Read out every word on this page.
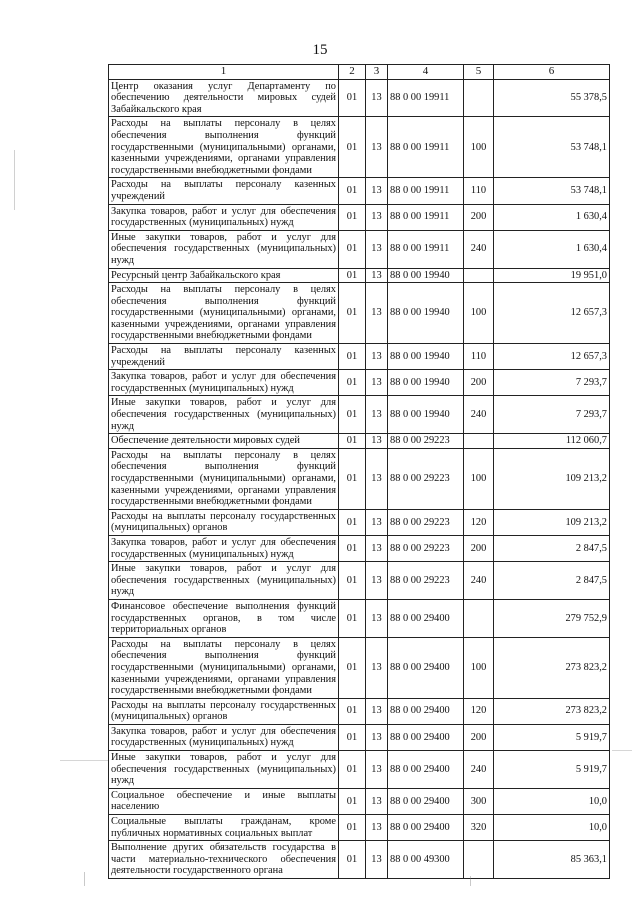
15
1	2	3	4	5	6
Центр оказания услуг Департаменту по обеспечению деятельности мировых судей Забайкальского края	01	13	88 0 00 19911		55 378,5
Расходы на выплаты персоналу в целях обеспечения выполнения функций государственными (муниципальными) органами, казенными учреждениями, органами управления государственными внебюджетными фондами	01	13	88 0 00 19911	100	53 748,1
Расходы на выплаты персоналу казенных учреждений	01	13	88 0 00 19911	110	53 748,1
Закупка товаров, работ и услуг для обеспечения государственных (муниципальных) нужд	01	13	88 0 00 19911	200	1 630,4
Иные закупки товаров, работ и услуг для обеспечения государственных (муниципальных) нужд	01	13	88 0 00 19911	240	1 630,4
Ресурсный центр Забайкальского края	01	13	88 0 00 19940		19 951,0
Расходы на выплаты персоналу в целях обеспечения выполнения функций государственными (муниципальными) органами, казенными учреждениями, органами управления государственными внебюджетными фондами	01	13	88 0 00 19940	100	12 657,3
Расходы на выплаты персоналу казенных учреждений	01	13	88 0 00 19940	110	12 657,3
Закупка товаров, работ и услуг для обеспечения государственных (муниципальных) нужд	01	13	88 0 00 19940	200	7 293,7
Иные закупки товаров, работ и услуг для обеспечения государственных (муниципальных) нужд	01	13	88 0 00 19940	240	7 293,7
Обеспечение деятельности мировых судей	01	13	88 0 00 29223		112 060,7
Расходы на выплаты персоналу в целях обеспечения выполнения функций государственными (муниципальными) органами, казенными учреждениями, органами управления государственными внебюджетными фондами	01	13	88 0 00 29223	100	109 213,2
Расходы на выплаты персоналу государственных (муниципальных) органов	01	13	88 0 00 29223	120	109 213,2
Закупка товаров, работ и услуг для обеспечения государственных (муниципальных) нужд	01	13	88 0 00 29223	200	2 847,5
Иные закупки товаров, работ и услуг для обеспечения государственных (муниципальных) нужд	01	13	88 0 00 29223	240	2 847,5
Финансовое обеспечение выполнения функций государственных органов, в том числе территориальных органов	01	13	88 0 00 29400		279 752,9
Расходы на выплаты персоналу в целях обеспечения выполнения функций государственными (муниципальными) органами, казенными учреждениями, органами управления государственными внебюджетными фондами	01	13	88 0 00 29400	100	273 823,2
Расходы на выплаты персоналу государственных (муниципальных) органов	01	13	88 0 00 29400	120	273 823,2
Закупка товаров, работ и услуг для обеспечения государственных (муниципальных) нужд	01	13	88 0 00 29400	200	5 919,7
Иные закупки товаров, работ и услуг для обеспечения государственных (муниципальных) нужд	01	13	88 0 00 29400	240	5 919,7
Социальное обеспечение и иные выплаты населению	01	13	88 0 00 29400	300	10,0
Социальные выплаты гражданам, кроме публичных нормативных социальных выплат	01	13	88 0 00 29400	320	10,0
Выполнение других обязательств государства в части материально-технического обеспечения деятельности государственного органа	01	13	88 0 00 49300		85 363,1
